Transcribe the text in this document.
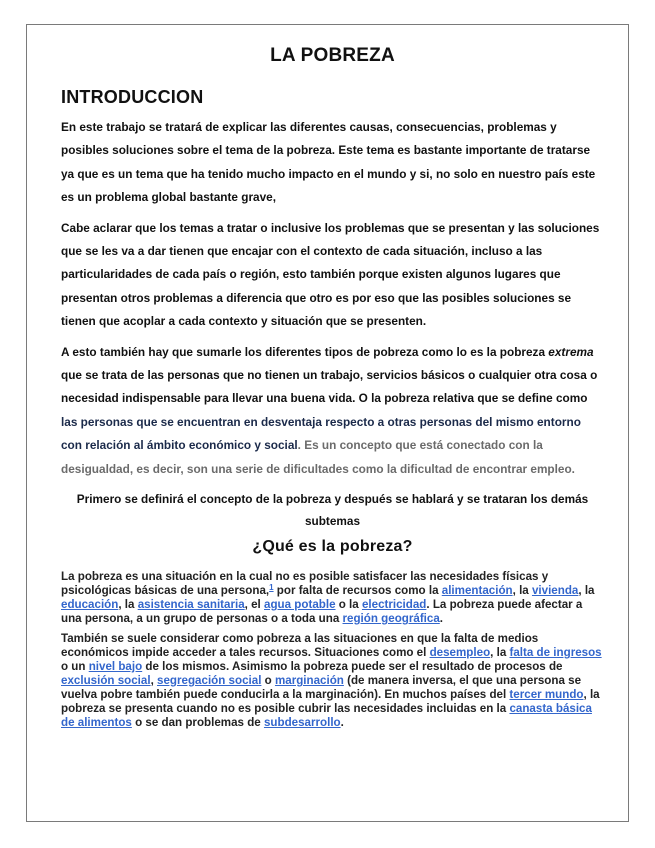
LA POBREZA
INTRODUCCION

En este trabajo se tratará de explicar las diferentes causas, consecuencias, problemas y posibles soluciones sobre el tema de la pobreza. Este tema es bastante importante de tratarse ya que es un tema que ha tenido mucho impacto en el mundo y si, no solo en nuestro país este es un problema global bastante grave,

Cabe aclarar que los temas a tratar o inclusive los problemas que se presentan y las soluciones que se les va a dar tienen que encajar con el contexto de cada situación, incluso a las particularidades de cada país o región, esto también porque existen algunos lugares que presentan otros problemas a diferencia que otro es por eso que las posibles soluciones se tienen que acoplar a cada contexto y situación que se presenten.

A esto también hay que sumarle los diferentes tipos de pobreza como lo es la pobreza extrema que se trata de las personas que no tienen un trabajo, servicios básicos o cualquier otra cosa o necesidad indispensable para llevar una buena vida. O la pobreza relativa que se define como las personas que se encuentran en desventaja respecto a otras personas del mismo entorno con relación al ámbito económico y social. Es un concepto que está conectado con la desigualdad, es decir, son una serie de dificultades como la dificultad de encontrar empleo.

Primero se definirá el concepto de la pobreza y después se hablará y se trataran los demás subtemas

¿Qué es la pobreza?

La pobreza es una situación en la cual no es posible satisfacer las necesidades físicas y psicológicas básicas de una persona,$^1$ por falta de recursos como la alimentación, la vivienda, la educación, la asistencia sanitaria, el agua potable o la electricidad. La pobreza puede afectar a una persona, a un grupo de personas o a toda una región geográfica.

También se suele considerar como pobreza a las situaciones en que la falta de medios económicos impide acceder a tales recursos. Situaciones como el desempleo, la falta de ingresos o un nivel bajo de los mismos. Asimismo la pobreza puede ser el resultado de procesos de exclusión social, segregación social o marginación (de manera inversa, el que una persona se vuelva pobre también puede conducirla a la marginación). En muchos países del tercer mundo, la pobreza se presenta cuando no es posible cubrir las necesidades incluidas en la canasta básica de alimentos o se dan problemas de subdesarrollo.
